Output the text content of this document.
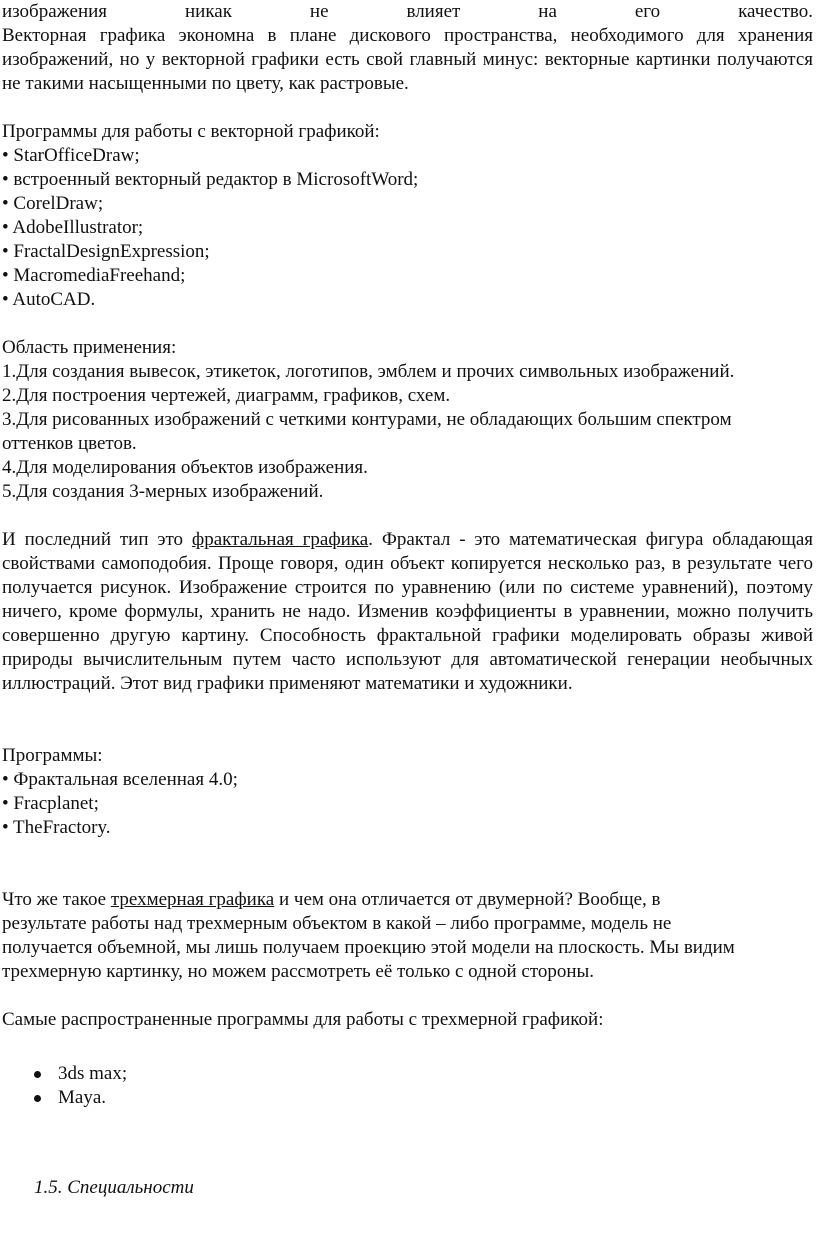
изображения	никак	не	влияет	на	его	качество.

Векторная графика экономна в плане дискового пространства, необходимого для хранения изображений, но у векторной графики есть свой главный минус: векторные картинки получаются не такими насыщенными по цвету, как растровые.

Программы для работы с векторной графикой:

• StarOfficeDraw;

• встроенный векторный редактор в MicrosoftWord;

• CorelDraw;

• AdobeIllustrator;

• FractalDesignExpression;

• MacromediaFreehand;

• AutoCAD.

Область применения:

1.Для создания вывесок, этикеток, логотипов, эмблем и прочих символьных изображений.

2.Для построения чертежей, диаграмм, графиков, схем.

3.Для рисованных изображений с четкими контурами, не обладающих большим спектром оттенков цветов.

4.Для моделирования объектов изображения.

5.Для создания 3-мерных изображений.

И последний тип это фрактальная графика. Фрактал - это математическая фигура обладающая свойствами самоподобия. Проще говоря, один объект копируется несколько раз, в результате чего получается рисунок. Изображение строится по уравнению (или по системе уравнений), поэтому ничего, кроме формулы, хранить не надо. Изменив коэффициенты в уравнении, можно получить совершенно другую картину. Способность фрактальной графики моделировать образы живой природы вычислительным путем часто используют для автоматической генерации необычных иллюстраций. Этот вид графики применяют математики и художники.

Программы:

• Фрактальная вселенная 4.0;

• Fracplanet;

• TheFractory.

Что же такое трехмерная графика и чем она отличается от двумерной? Вообще, в

результате работы над трехмерным объектом в какой – либо программе, модель не

получается объемной, мы лишь получаем проекцию этой модели на плоскость. Мы видим

трехмерную картинку, но можем рассмотреть её только с одной стороны.

Самые распространенные программы для работы с трехмерной графикой:

3ds max;
Maya.

1.5. Специальности
